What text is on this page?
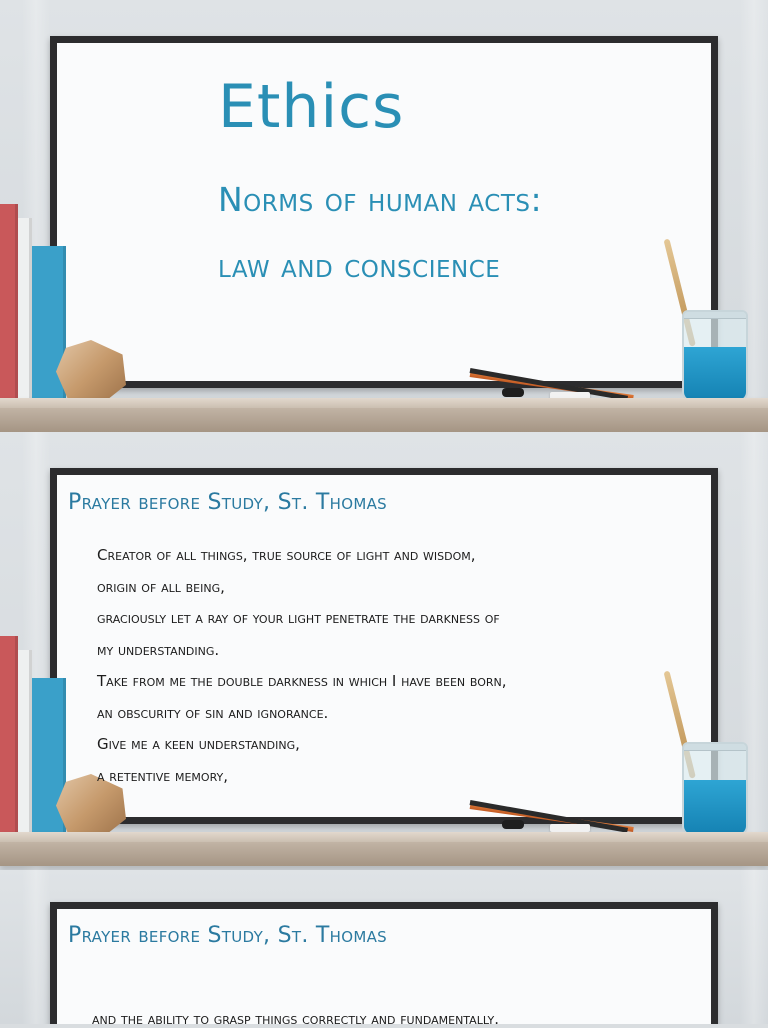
Ethics
Norms of human acts:
law and conscience
Prayer before Study, St. Thomas
Creator of all things, true source of light and wisdom,
origin of all being,
graciously let a ray of your light penetrate the darkness of
my understanding.
Take from me the double darkness in which I have been born,
an obscurity of sin and ignorance.
Give me a keen understanding,
a retentive memory,
Prayer before Study, St. Thomas
and the ability to grasp things correctly and fundamentally.
